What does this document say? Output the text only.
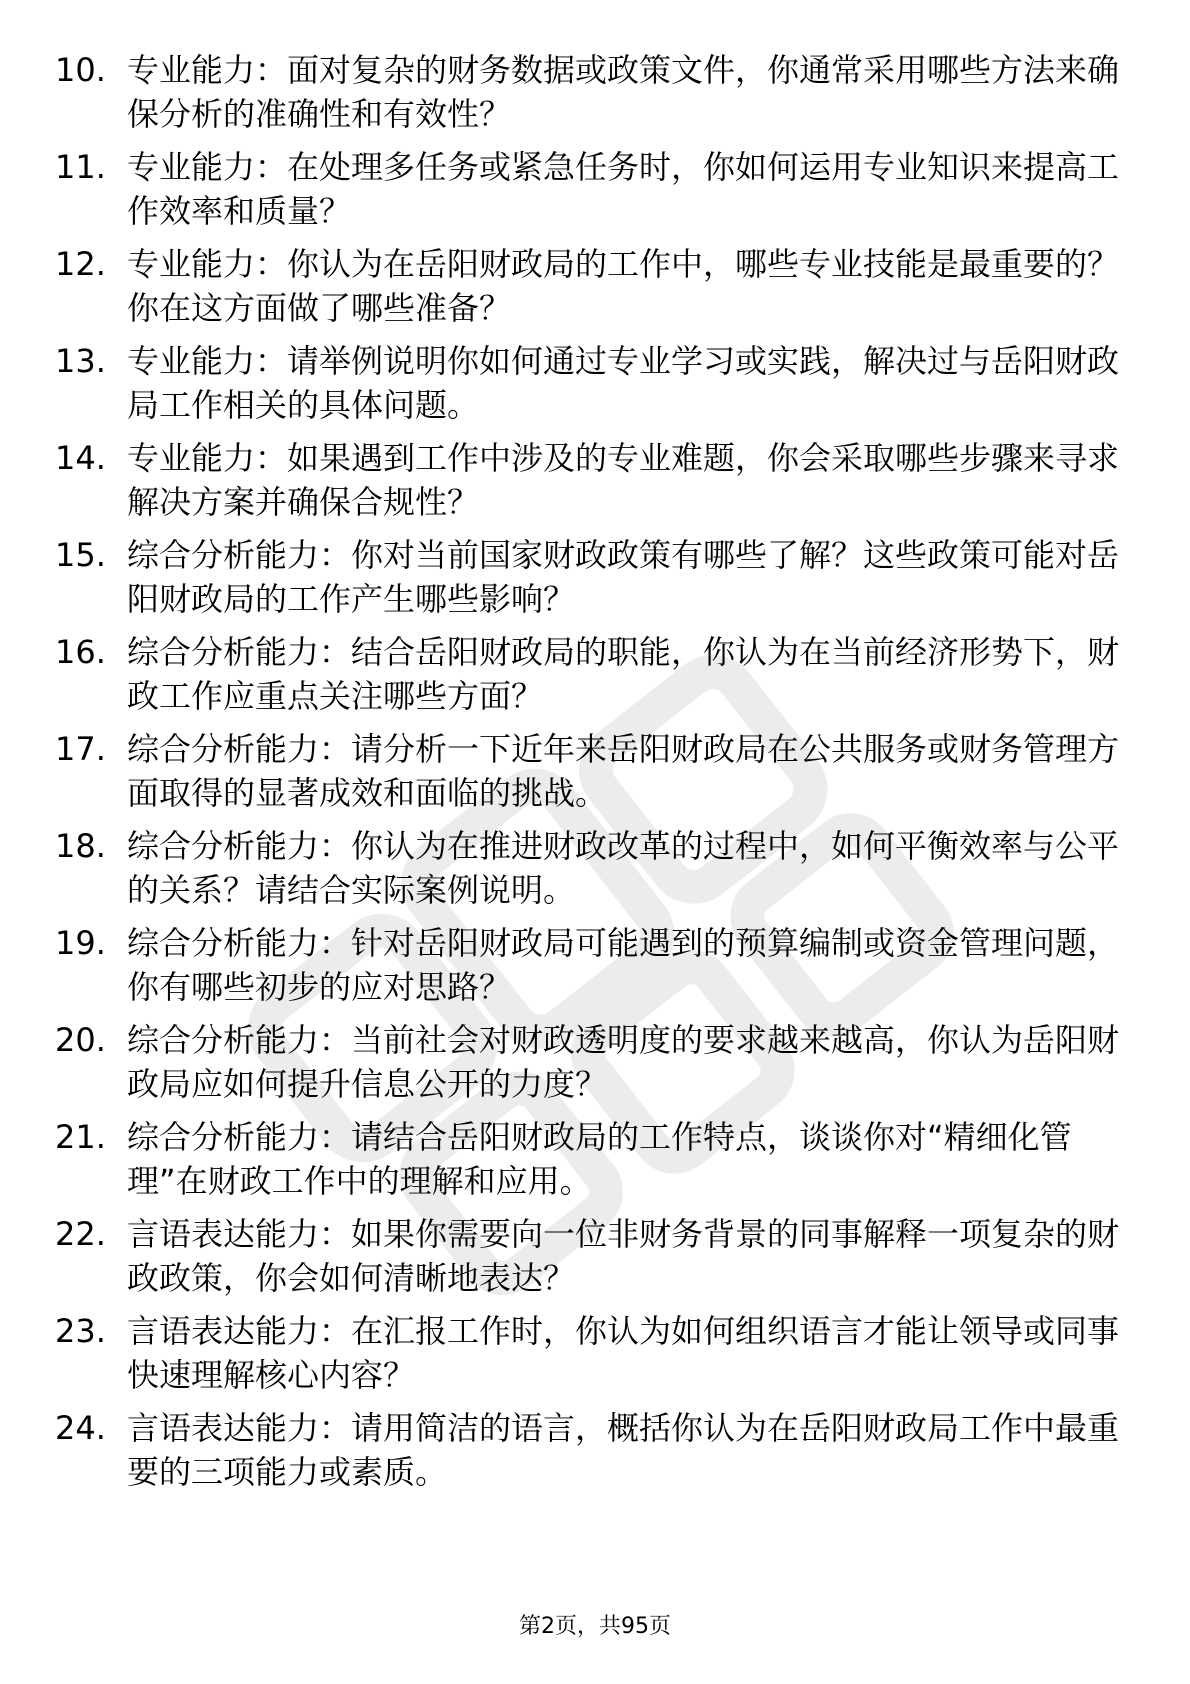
10. 专业能力：面对复杂的财务数据或政策文件，你通常采用哪些方法来确保分析的准确性和有效性？
11. 专业能力：在处理多任务或紧急任务时，你如何运用专业知识来提高工作效率和质量？
12. 专业能力：你认为在岳阳财政局的工作中，哪些专业技能是最重要的？你在这方面做了哪些准备？
13. 专业能力：请举例说明你如何通过专业学习或实践，解决过与岳阳财政局工作相关的具体问题。
14. 专业能力：如果遇到工作中涉及的专业难题，你会采取哪些步骤来寻求解决方案并确保合规性？
15. 综合分析能力：你对当前国家财政政策有哪些了解？这些政策可能对岳阳财政局的工作产生哪些影响？
16. 综合分析能力：结合岳阳财政局的职能，你认为在当前经济形势下，财政工作应重点关注哪些方面？
17. 综合分析能力：请分析一下近年来岳阳财政局在公共服务或财务管理方面取得的显著成效和面临的挑战。
18. 综合分析能力：你认为在推进财政改革的过程中，如何平衡效率与公平的关系？请结合实际案例说明。
19. 综合分析能力：针对岳阳财政局可能遇到的预算编制或资金管理问题，你有哪些初步的应对思路？
20. 综合分析能力：当前社会对财政透明度的要求越来越高，你认为岳阳财政局应如何提升信息公开的力度？
21. 综合分析能力：请结合岳阳财政局的工作特点，谈谈你对“精细化管理”在财政工作中的理解和应用。
22. 言语表达能力：如果你需要向一位非财务背景的同事解释一项复杂的财政政策，你会如何清晰地表达？
23. 言语表达能力：在汇报工作时，你认为如何组织语言才能让领导或同事快速理解核心内容？
24. 言语表达能力：请用简洁的语言，概括你认为在岳阳财政局工作中最重要的三项能力或素质。
第2页，共95页
